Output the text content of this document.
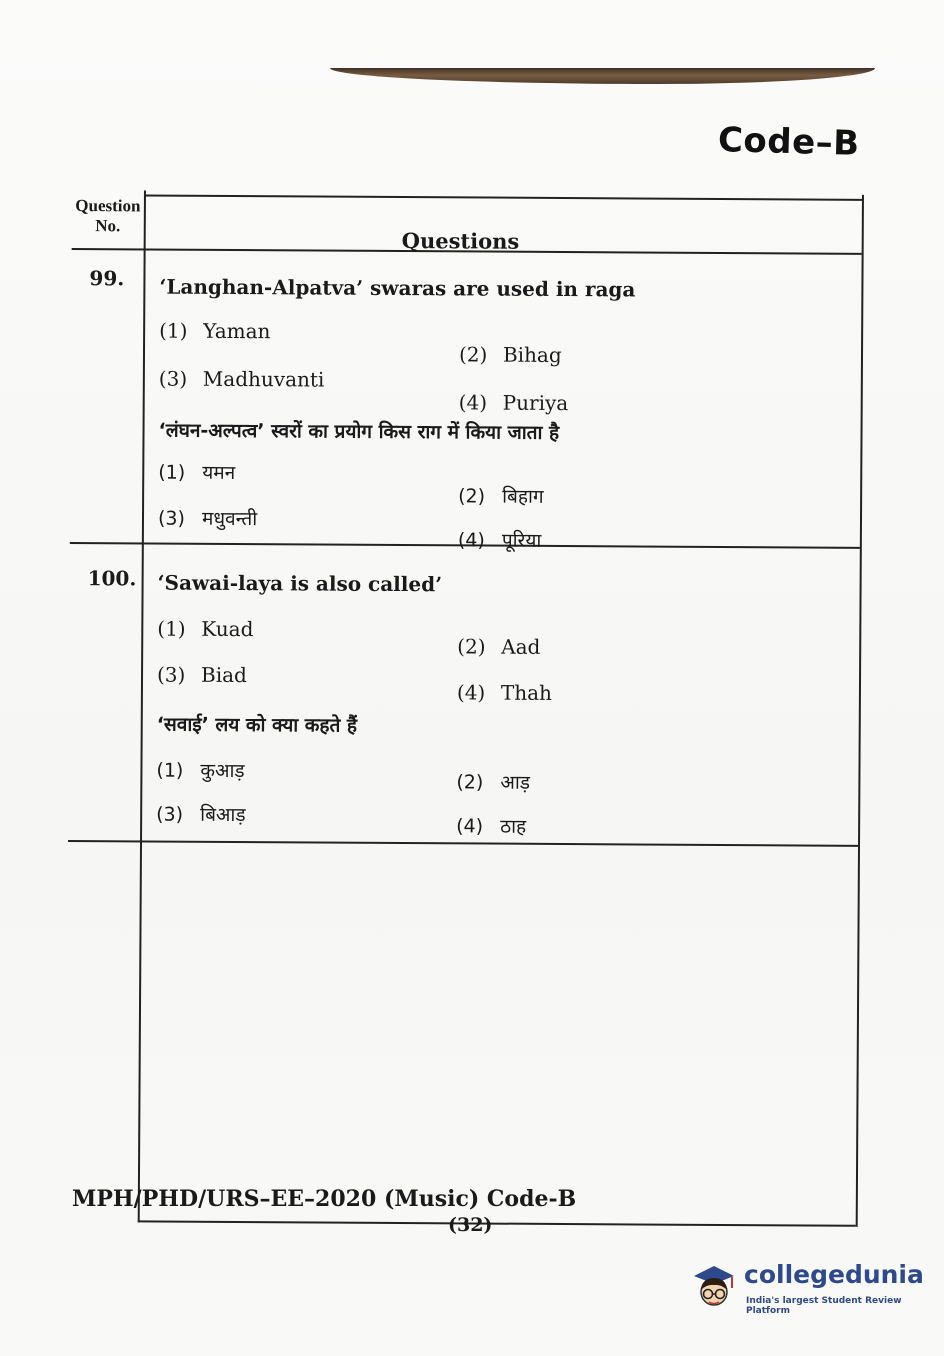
Code–B
Question No.
Questions
99. ‘Langhan-Alpatva’ swaras are used in raga
(1) Yaman
(2) Bihag
(3) Madhuvanti
(4) Puriya
‘लंघन-अल्पत्व’ स्वरों का प्रयोग किस राग में किया जाता है
(1) यमन
(2) बिहाग
(3) मधुवन्ती
(4) पूरिया
100. ‘Sawai-laya is also called’
(1) Kuad
(2) Aad
(3) Biad
(4) Thah
‘सवाई’ लय को क्या कहते हैं
(1) कुआड़
(2) आड़
(3) बिआड़
(4) ठाह
MPH/PHD/URS–EE–2020 (Music) Code-B
(32)
collegedunia
India's largest Student Review Platform
